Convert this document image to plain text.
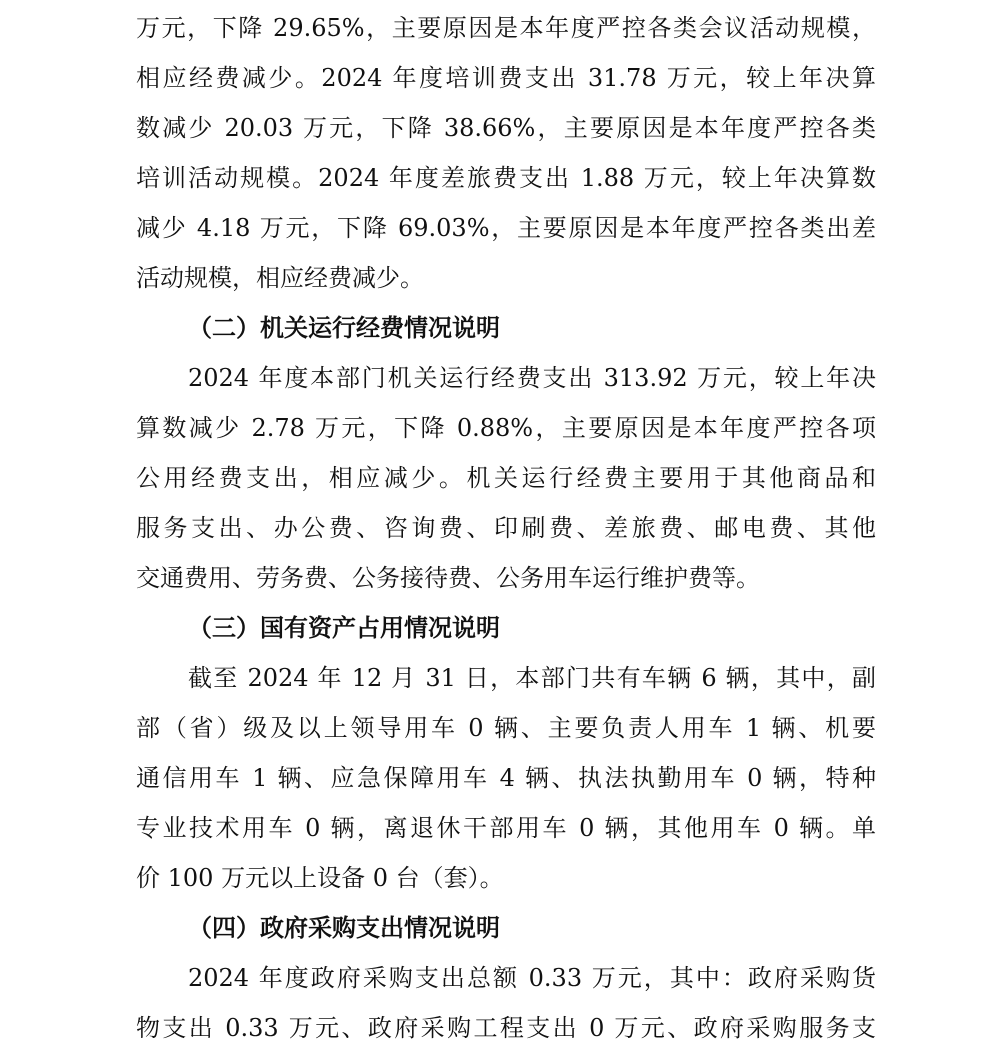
万元，下降 29.65%，主要原因是本年度严控各类会议活动规模，
相应经费减少。2024 年度培训费支出 31.78 万元，较上年决算
数减少 20.03 万元，下降 38.66%，主要原因是本年度严控各类
培训活动规模。2024 年度差旅费支出 1.88 万元，较上年决算数
减少 4.18 万元，下降 69.03%，主要原因是本年度严控各类出差
活动规模，相应经费减少。
（二）机关运行经费情况说明
2024 年度本部门机关运行经费支出 313.92 万元，较上年决
算数减少 2.78 万元，下降 0.88%，主要原因是本年度严控各项
公用经费支出，相应减少。机关运行经费主要用于其他商品和
服务支出、办公费、咨询费、印刷费、差旅费、邮电费、其他
交通费用、劳务费、公务接待费、公务用车运行维护费等。
（三）国有资产占用情况说明
截至 2024 年 12 月 31 日，本部门共有车辆 6 辆，其中，副
部（省）级及以上领导用车 0 辆、主要负责人用车 1 辆、机要
通信用车 1 辆、应急保障用车 4 辆、执法执勤用车 0 辆，特种
专业技术用车 0 辆，离退休干部用车 0 辆，其他用车 0 辆。单
价 100 万元以上设备 0 台（套）。
（四）政府采购支出情况说明
2024 年度政府采购支出总额 0.33 万元，其中：政府采购货
物支出 0.33 万元、政府采购工程支出 0 万元、政府采购服务支
